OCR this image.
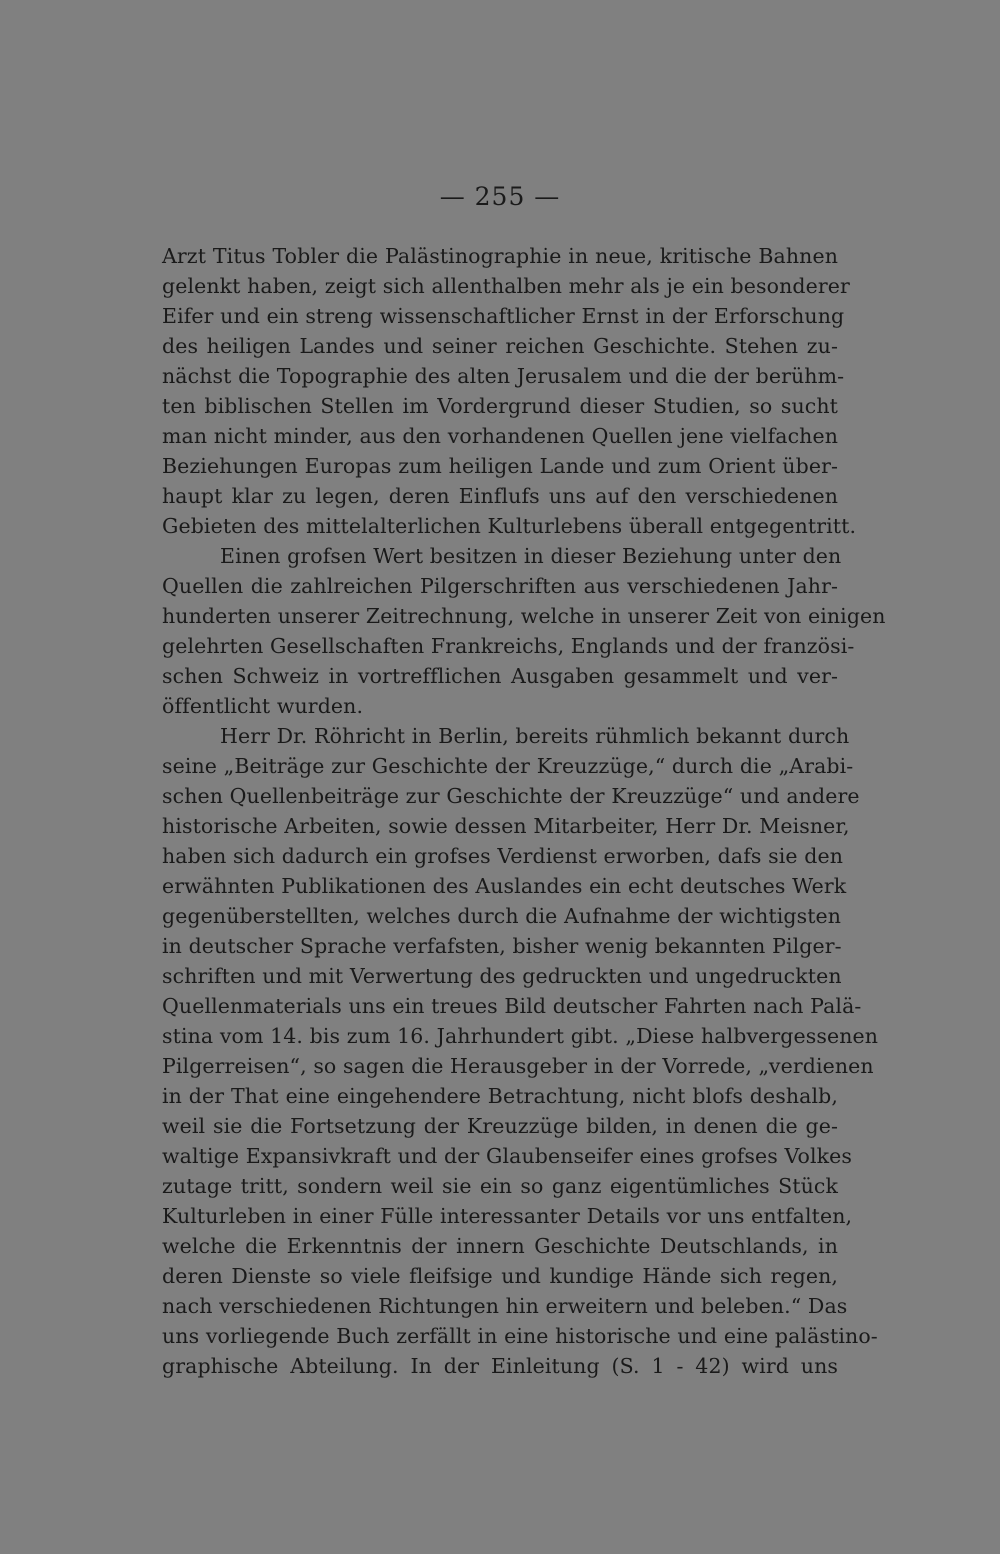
— 255 —
Arzt Titus Tobler die Palästinographie in neue, kritische Bahnen
gelenkt haben, zeigt sich allenthalben mehr als je ein besonderer
Eifer und ein streng wissenschaftlicher Ernst in der Erforschung
des heiligen Landes und seiner reichen Geschichte. Stehen zu-
nächst die Topographie des alten Jerusalem und die der berühm-
ten biblischen Stellen im Vordergrund dieser Studien, so sucht
man nicht minder, aus den vorhandenen Quellen jene vielfachen
Beziehungen Europas zum heiligen Lande und zum Orient über-
haupt klar zu legen, deren Einflufs uns auf den verschiedenen
Gebieten des mittelalterlichen Kulturlebens überall entgegentritt.
Einen grofsen Wert besitzen in dieser Beziehung unter den
Quellen die zahlreichen Pilgerschriften aus verschiedenen Jahr-
hunderten unserer Zeitrechnung, welche in unserer Zeit von einigen
gelehrten Gesellschaften Frankreichs, Englands und der französi-
schen Schweiz in vortrefflichen Ausgaben gesammelt und ver-
öffentlicht wurden.
Herr Dr. Röhricht in Berlin, bereits rühmlich bekannt durch
seine „Beiträge zur Geschichte der Kreuzzüge,“ durch die „Arabi-
schen Quellenbeiträge zur Geschichte der Kreuzzüge“ und andere
historische Arbeiten, sowie dessen Mitarbeiter, Herr Dr. Meisner,
haben sich dadurch ein grofses Verdienst erworben, dafs sie den
erwähnten Publikationen des Auslandes ein echt deutsches Werk
gegenüberstellten, welches durch die Aufnahme der wichtigsten
in deutscher Sprache verfafsten, bisher wenig bekannten Pilger-
schriften und mit Verwertung des gedruckten und ungedruckten
Quellenmaterials uns ein treues Bild deutscher Fahrten nach Palä-
stina vom 14. bis zum 16. Jahrhundert gibt. „Diese halbvergessenen
Pilgerreisen“, so sagen die Herausgeber in der Vorrede, „verdienen
in der That eine eingehendere Betrachtung, nicht blofs deshalb,
weil sie die Fortsetzung der Kreuzzüge bilden, in denen die ge-
waltige Expansivkraft und der Glaubenseifer eines grofses Volkes
zutage tritt, sondern weil sie ein so ganz eigentümliches Stück
Kulturleben in einer Fülle interessanter Details vor uns entfalten,
welche die Erkenntnis der innern Geschichte Deutschlands, in
deren Dienste so viele fleifsige und kundige Hände sich regen,
nach verschiedenen Richtungen hin erweitern und beleben.“ Das
uns vorliegende Buch zerfällt in eine historische und eine palästino-
graphische Abteilung. In der Einleitung (S. 1 - 42) wird uns
